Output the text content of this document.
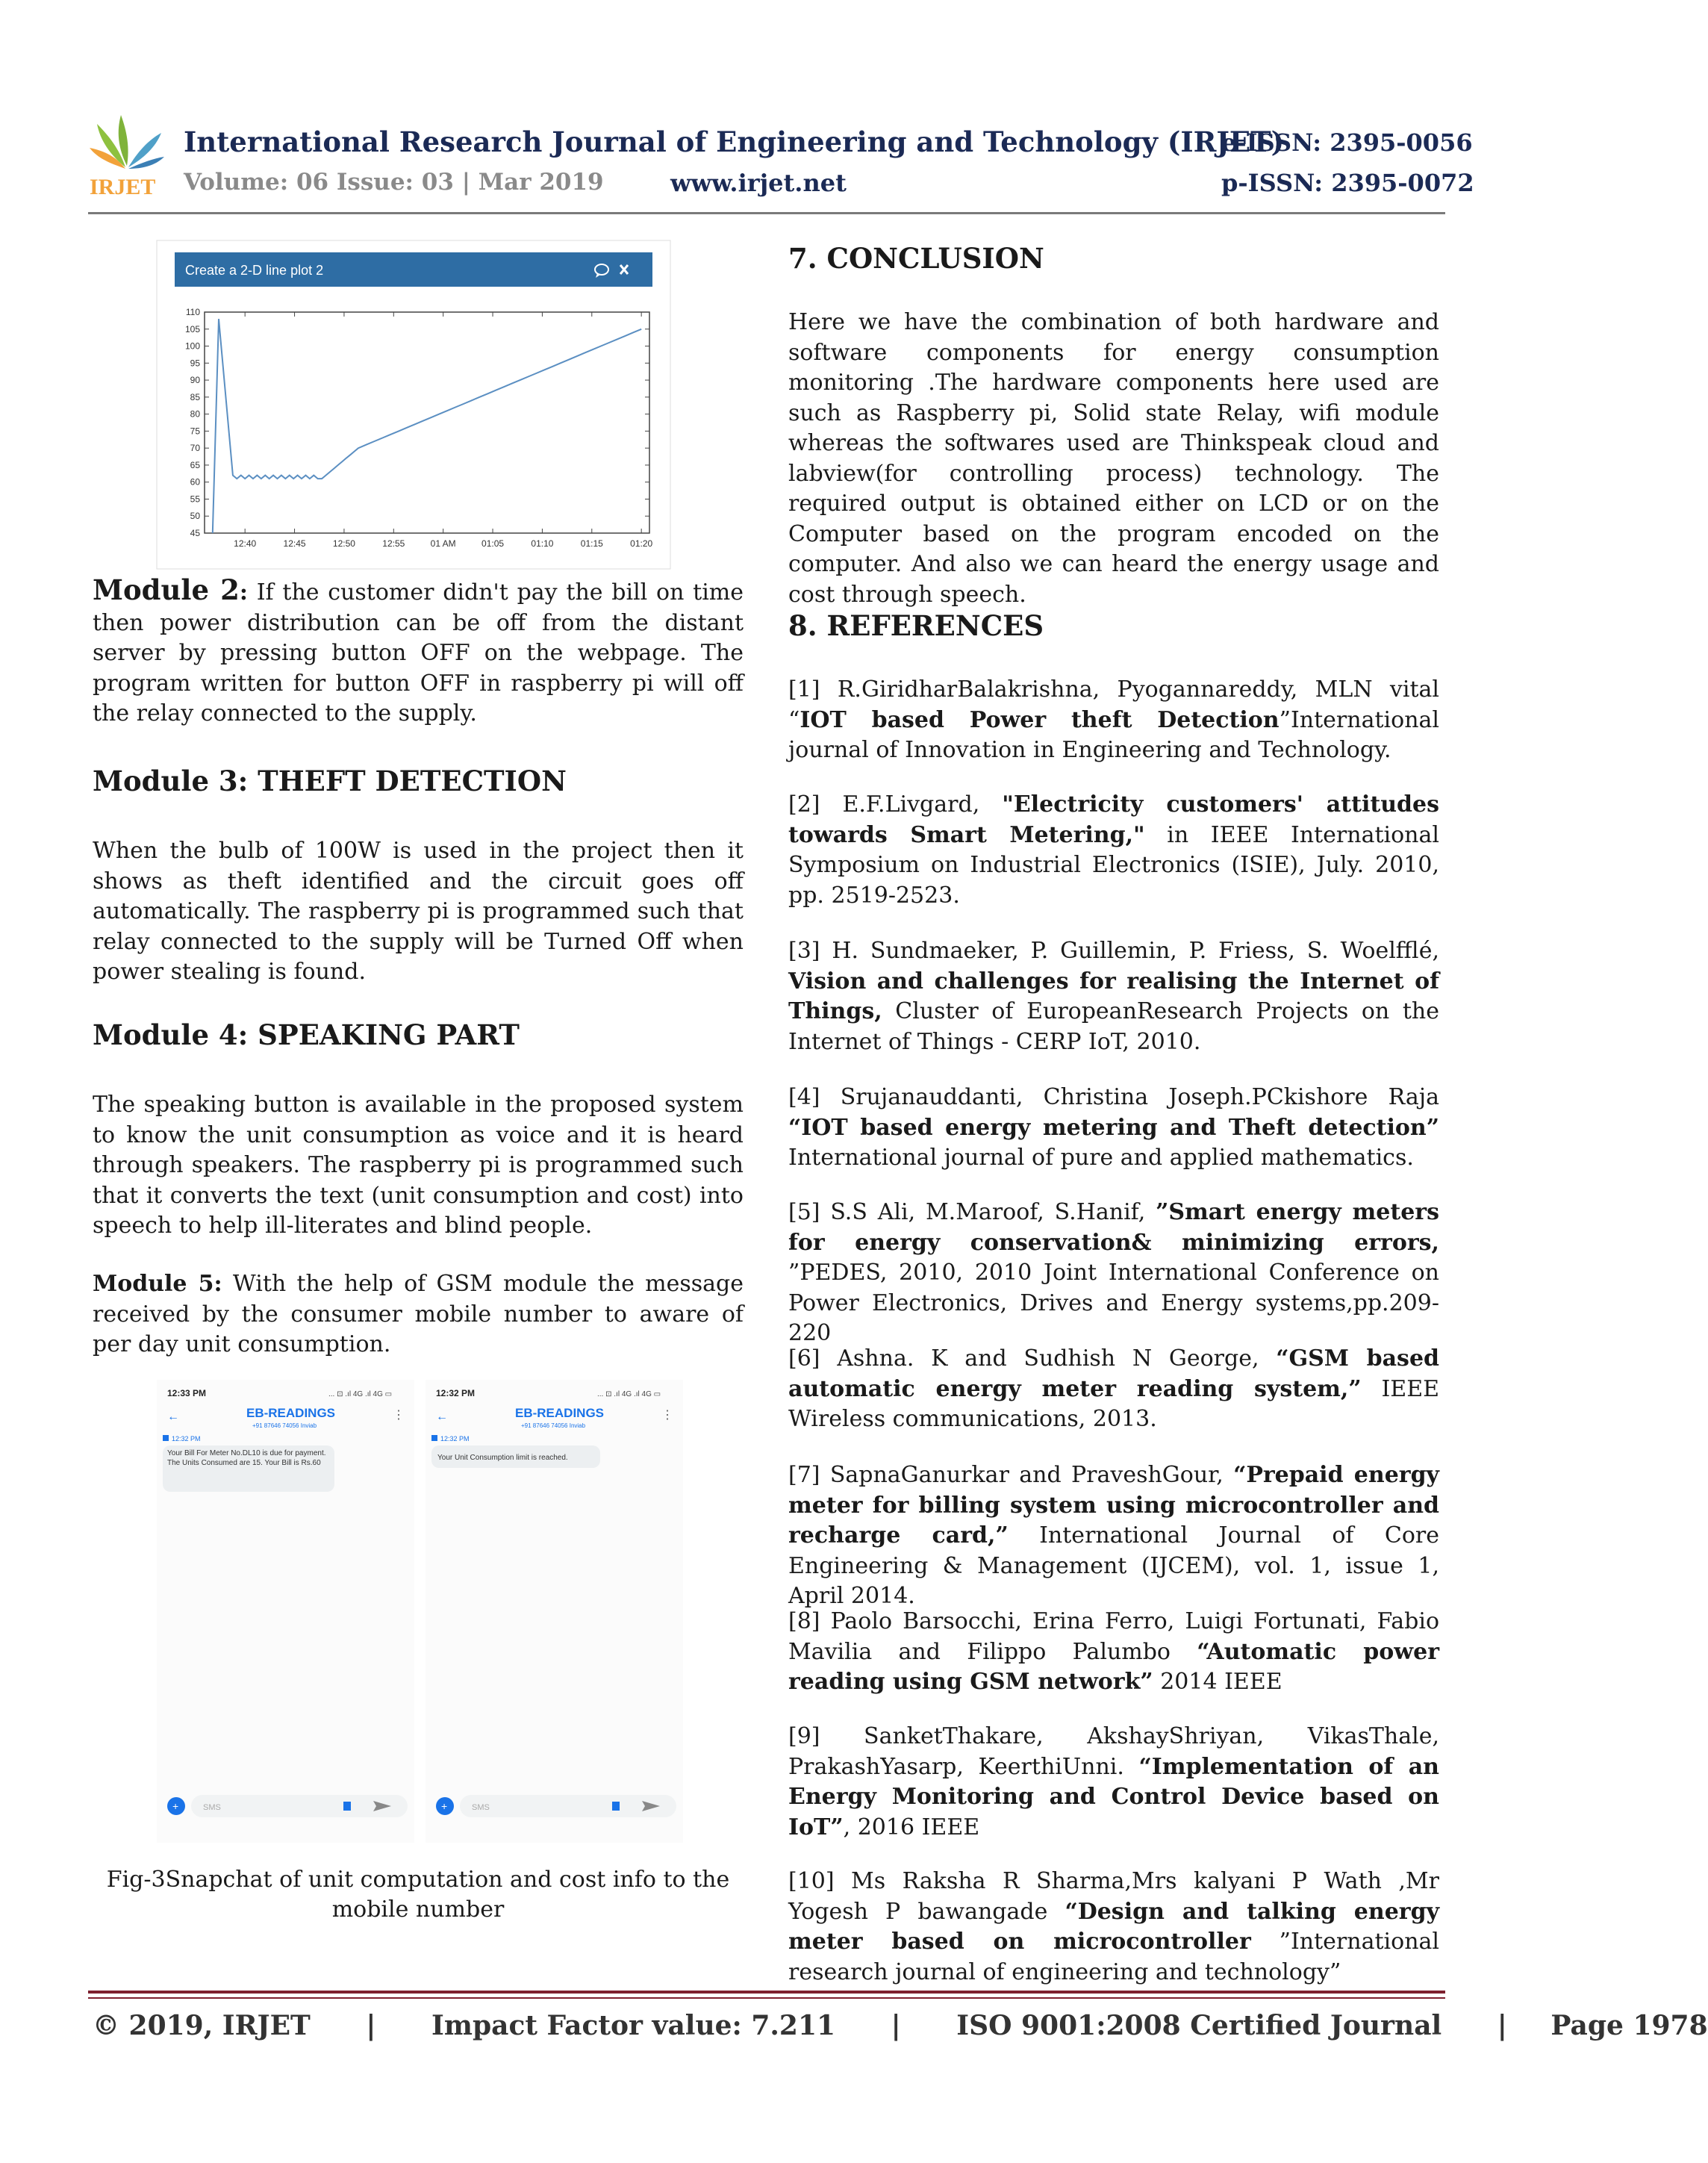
IRJET
International Research Journal of Engineering and Technology (IRJET)
e-ISSN: 2395-0056
Volume: 06 Issue: 03 | Mar 2019	www.irjet.net	p-ISSN: 2395-0072
Create a 2-D line plot 2
45
50
55
60
65
70
75
80
85
90
95
100
105
110
12:40	12:45	12:50	12:55	01 AM	01:05	01:10	01:15	01:20

Module 2: If the customer didn't pay the bill on time then power distribution can be off from the distant server by pressing button OFF on the webpage. The program written for button OFF in raspberry pi will off the relay connected to the supply.

Module 3: THEFT DETECTION

When the bulb of 100W is used in the project then it shows as theft identified and the circuit goes off automatically. The raspberry pi is programmed such that relay connected to the supply will be Turned Off when power stealing is found.

Module 4: SPEAKING PART

The speaking button is available in the proposed system to know the unit consumption as voice and it is heard through speakers. The raspberry pi is programmed such that it converts the text (unit consumption and cost) into speech to help ill-literates and blind people.

Module 5: With the help of GSM module the message received by the consumer mobile number to aware of per day unit consumption.

12:33 PM	... ⊡ .ıl 4G .ıl 4G ▭
←	EB-READINGS
+91 87646 74056 Inviab
⋮
12:32 PM
Your Bill For Meter No.DL10 is due for payment. The Units Consumed are 15. Your Bill is Rs.60
+	SMS
12:32 PM	... ⊡ .ıl 4G .ıl 4G ▭
←	EB-READINGS
+91 87646 74056 Inviab
⋮
12:32 PM
Your Unit Consumption limit is reached.
+	SMS

Fig-3Snapchat of unit computation and cost info to the

mobile number

7. CONCLUSION

Here we have the combination of both hardware and software components for energy consumption monitoring .The hardware components here used are such as Raspberry pi, Solid state Relay, wifi module whereas the softwares used are Thinkspeak cloud and labview(for controlling process) technology. The required output is obtained either on LCD or on the Computer based on the program encoded on the computer. And also we can heard the energy usage and cost through speech.

8. REFERENCES

[1] R.GiridharBalakrishna, Pyogannareddy, MLN vital “IOT based Power theft Detection”International journal of Innovation in Engineering and Technology.

[2] E.F.Livgard, "Electricity customers' attitudes towards Smart Metering," in IEEE International Symposium on Industrial Electronics (ISIE), July. 2010, pp. 2519-2523.

[3] H. Sundmaeker, P. Guillemin, P. Friess, S. Woelfflé, Vision and challenges for realising the Internet of Things, Cluster of EuropeanResearch Projects on the Internet of Things - CERP IoT, 2010.

[4] Srujanauddanti, Christina Joseph.PCkishore Raja “IOT based energy metering and Theft detection” International journal of pure and applied mathematics.

[5] S.S Ali, M.Maroof, S.Hanif, ”Smart energy meters for energy conservation& minimizing errors, ”PEDES, 2010, 2010 Joint International Conference on Power Electronics, Drives and Energy systems,pp.209-220

[6] Ashna. K and Sudhish N George, “GSM based automatic energy meter reading system,” IEEE Wireless communications, 2013.

[7] SapnaGanurkar and PraveshGour, “Prepaid energy meter for billing system using microcontroller and recharge card,” International Journal of Core Engineering & Management (IJCEM), vol. 1, issue 1, April 2014.

[8] Paolo Barsocchi, Erina Ferro, Luigi Fortunati, Fabio Mavilia and Filippo Palumbo “Automatic power reading using GSM network” 2014 IEEE

[9] SanketThakare, AkshayShriyan, VikasThale, PrakashYasarp, KeerthiUnni. “Implementation of an Energy Monitoring and Control Device based on IoT”, 2016 IEEE

[10] Ms Raksha R Sharma,Mrs kalyani P Wath ,Mr Yogesh P bawangade “Design and talking energy meter based on microcontroller ”International research journal of engineering and technology”

© 2019, IRJET | Impact Factor value: 7.211 | ISO 9001:2008 Certified Journal | Page 1978
